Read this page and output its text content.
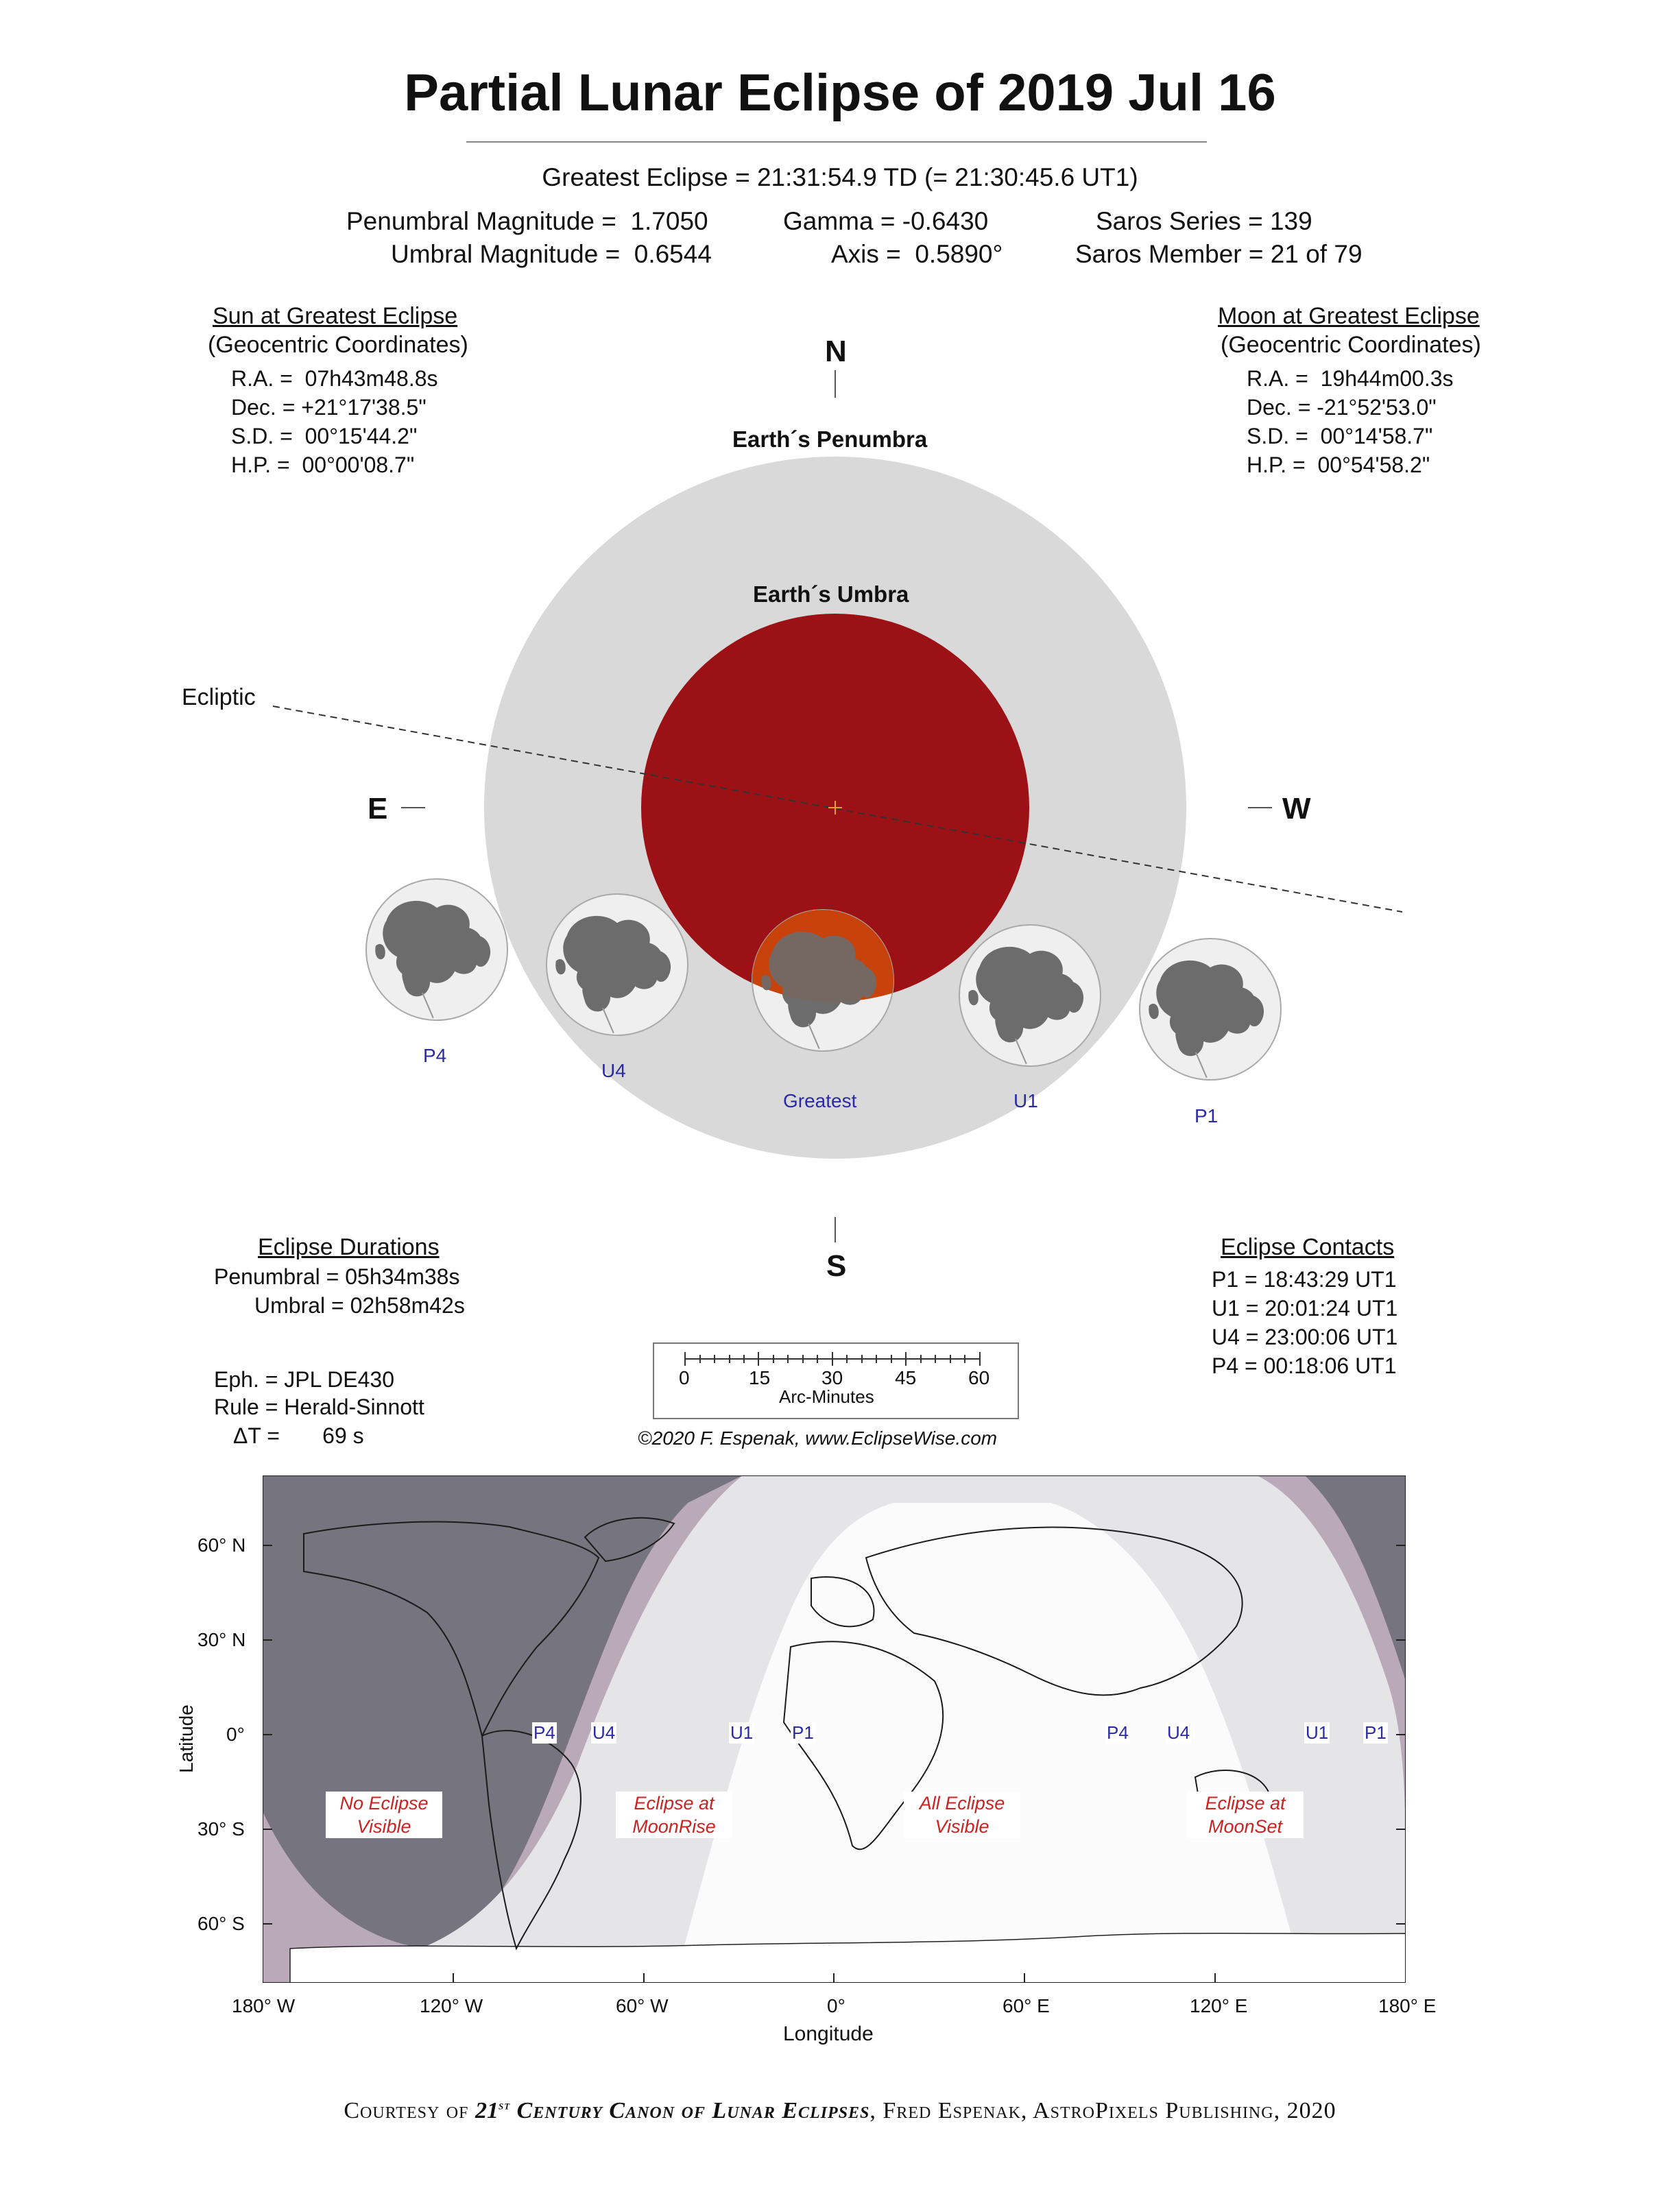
Partial Lunar Eclipse of 2019 Jul 16
Greatest Eclipse = 21:31:54.9 TD (= 21:30:45.6 UT1)
Penumbral Magnitude =  1.7050
Umbral Magnitude =  0.6544
Gamma = -0.6430
Axis =  0.5890°
Saros Series = 139
Saros Member = 21 of 79
Sun at Greatest Eclipse
(Geocentric Coordinates)
R.A. =  07h43m48.8s
Dec. = +21°17'38.5"
S.D. =  00°15'44.2"
H.P. =  00°00'08.7"
Moon at Greatest Eclipse
(Geocentric Coordinates)
R.A. =  19h44m00.3s
Dec. = -21°52'53.0"
S.D. =  00°14'58.7"
H.P. =  00°54'58.2"
N
S
E	W
Earth´s Penumbra
Earth´s Umbra
Ecliptic
P4
U4
Greatest	U1
P1
Eclipse Durations
Penumbral = 05h34m38s
Umbral = 02h58m42s
Eph. = JPL DE430
Rule = Herald-Sinnott
ΔT =       69 s
Eclipse Contacts
P1 = 18:43:29 UT1
U1 = 20:01:24 UT1
U4 = 23:00:06 UT1
P4 = 00:18:06 UT1
0	15	30	45	60
Arc-Minutes
©2020 F. Espenak, www.EclipseWise.com
No Eclipse
Visible
Eclipse at
MoonRise
All Eclipse
Visible
Eclipse at
MoonSet
P4 U4	U1 P1	P4 U4	U1 P1
60° N
30° N
0°
30° S
60° S
Latitude
180° W	120° W	60° W	0°	60° E	120° E	180° E
Longitude
Courtesy of 21st Century Canon of Lunar Eclipses, Fred Espenak, AstroPixels Publishing, 2020
